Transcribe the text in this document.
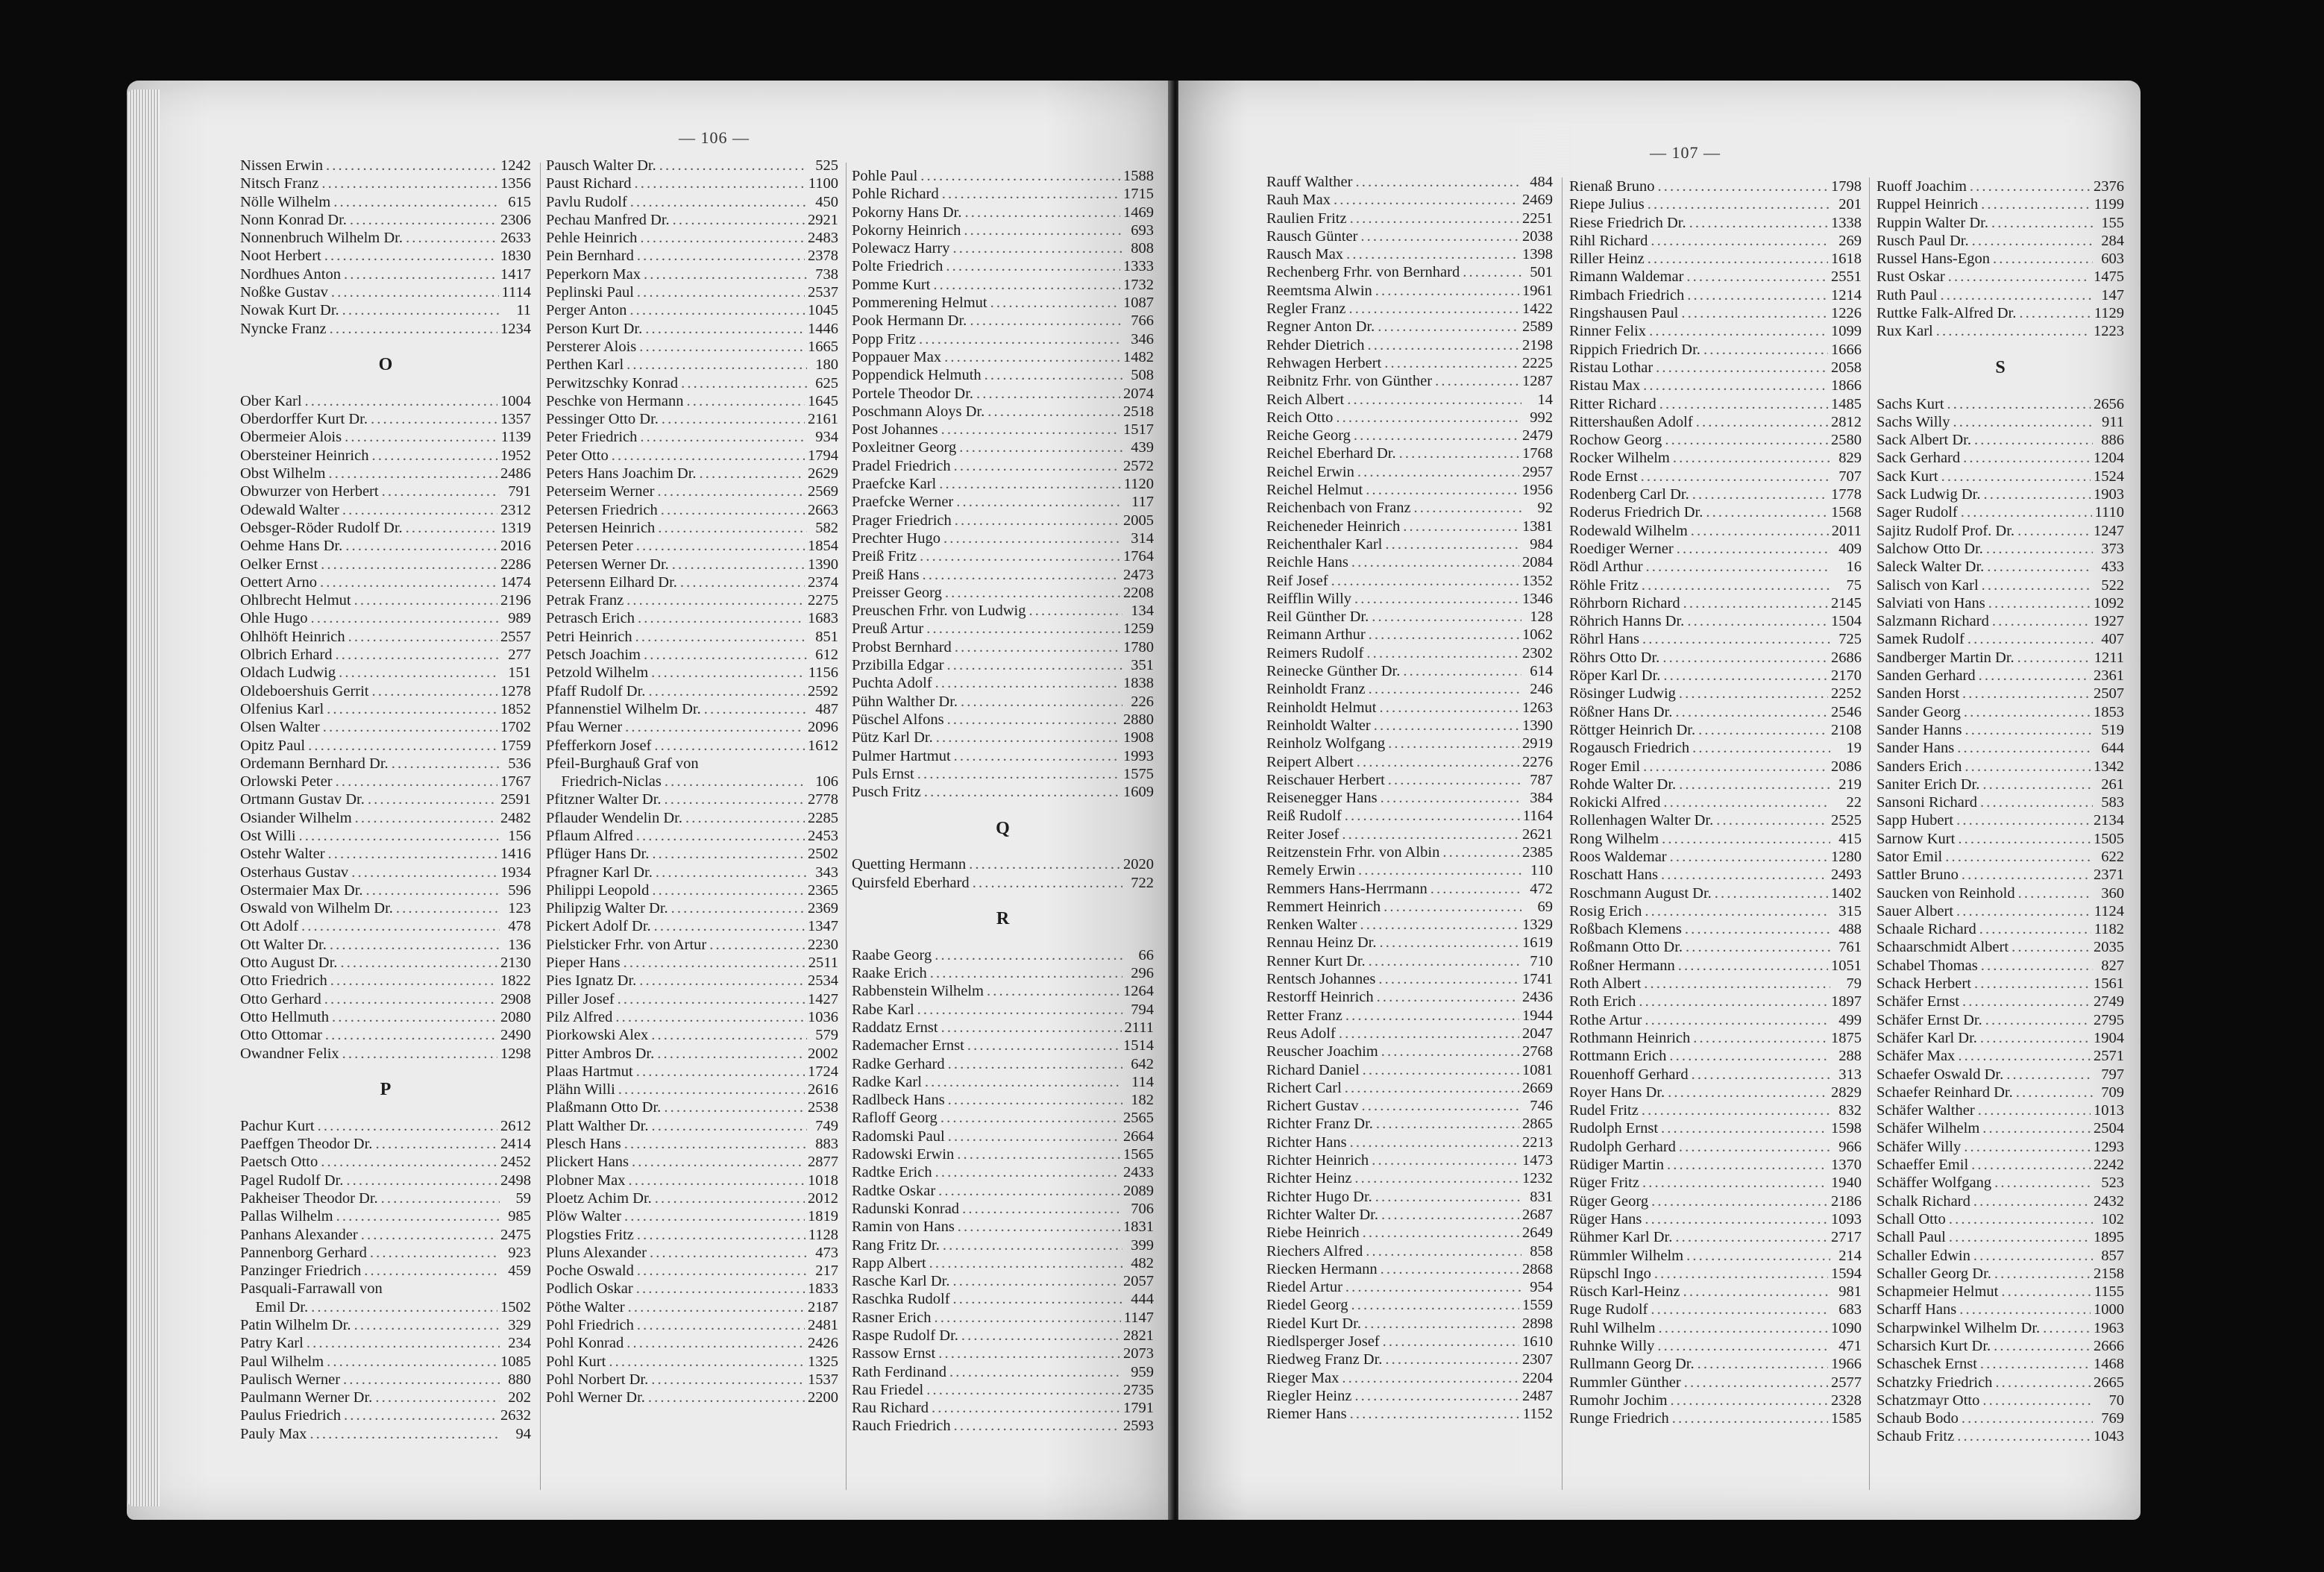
— 106 —
Nissen Erwin . . .	1242
Nitsch Franz . . .	1356
Nölle Wilhelm . . .	615
Nonn Konrad Dr. . . .	2306
Nonnenbruch Wilhelm Dr. . . .	2633
Noot Herbert . . .	1830
Nordhues Anton . . .	1417
Noßke Gustav . . .	1114
Nowak Kurt Dr. . . .	11
Nyncke Franz . . .	1234
O
Ober Karl . . .	1004
Oberdorffer Kurt Dr. . . .	1357
Obermeier Alois . . .	1139
Obersteiner Heinrich . . .	1952
Obst Wilhelm . . .	2486
Obwurzer von Herbert . . .	791
Odewald Walter . . .	2312
Oebsger-Röder Rudolf Dr. . . .	1319
Oehme Hans Dr. . . .	2016
Oelker Ernst . . .	2286
Oettert Arno . . .	1474
Ohlbrecht Helmut . . .	2196
Ohle Hugo . . .	989
Ohlhöft Heinrich . . .	2557
Olbrich Erhard . . .	277
Oldach Ludwig . . .	151
Oldeboershuis Gerrit . . .	1278
Olfenius Karl . . .	1852
Olsen Walter . . .	1702
Opitz Paul . . .	1759
Ordemann Bernhard Dr. . . .	536
Orlowski Peter . . .	1767
Ortmann Gustav Dr. . . .	2591
Osiander Wilhelm . . .	2482
Ost Willi . . .	156
Ostehr Walter . . .	1416
Osterhaus Gustav . . .	1934
Ostermaier Max Dr. . . .	596
Oswald von Wilhelm Dr. . . .	123
Ott Adolf . . .	478
Ott Walter Dr. . . .	136
Otto August Dr. . . .	2130
Otto Friedrich . . .	1822
Otto Gerhard . . .	2908
Otto Hellmuth . . .	2080
Otto Ottomar . . .	2490
Owandner Felix . . .	1298
P
Pachur Kurt . . .	2612
Paeffgen Theodor Dr. . . .	2414
Paetsch Otto . . .	2452
Pagel Rudolf Dr. . . .	2498
Pakheiser Theodor Dr. . . .	59
Pallas Wilhelm . . .	985
Panhans Alexander . . .	2475
Pannenborg Gerhard . . .	923
Panzinger Friedrich . . .	459
Pasquali-Farrawall von
 Emil Dr. . . .	1502
Patin Wilhelm Dr. . . .	329
Patry Karl . . .	234
Paul Wilhelm . . .	1085
Paulisch Werner . . .	880
Paulmann Werner Dr. . . .	202
Paulus Friedrich . . .	2632
Pauly Max . . .	94
Pausch Walter Dr. . . .	525
Paust Richard . . .	1100
Pavlu Rudolf . . .	450
Pechau Manfred Dr. . . .	2921
Pehle Heinrich . . .	2483
Pein Bernhard . . .	2378
Peperkorn Max . . .	738
Peplinski Paul . . .	2537
Perger Anton . . .	1045
Person Kurt Dr. . . .	1446
Persterer Alois . . .	1665
Perthen Karl . . .	180
Perwitzschky Konrad . . .	625
Peschke von Hermann . . .	1645
Pessinger Otto Dr. . . .	2161
Peter Friedrich . . .	934
Peter Otto . . .	1794
Peters Hans Joachim Dr. . . .	2629
Peterseim Werner . . .	2569
Petersen Friedrich . . .	2663
Petersen Heinrich . . .	582
Petersen Peter . . .	1854
Petersen Werner Dr. . . .	1390
Petersenn Eilhard Dr. . . .	2374
Petrak Franz . . .	2275
Petrasch Erich . . .	1683
Petri Heinrich . . .	851
Petsch Joachim . . .	612
Petzold Wilhelm . . .	1156
Pfaff Rudolf Dr. . . .	2592
Pfannenstiel Wilhelm Dr. . . .	487
Pfau Werner . . .	2096
Pfefferkorn Josef . . .	1612
Pfeil-Burghauß Graf von
 Friedrich-Niclas . . .	106
Pfitzner Walter Dr. . . .	2778
Pflauder Wendelin Dr. . . .	2285
Pflaum Alfred . . .	2453
Pflüger Hans Dr. . . .	2502
Pfragner Karl Dr. . . .	343
Philippi Leopold . . .	2365
Philipzig Walter Dr. . . .	2369
Pickert Adolf Dr. . . .	1347
Pielsticker Frhr. von Artur . . .	2230
Pieper Hans . . .	2511
Pies Ignatz Dr. . . .	2534
Piller Josef . . .	1427
Pilz Alfred . . .	1036
Piorkowski Alex . . .	579
Pitter Ambros Dr. . . .	2002
Plaas Hartmut . . .	1724
Plähn Willi . . .	2616
Plaßmann Otto Dr. . . .	2538
Platt Walther Dr. . . .	749
Plesch Hans . . .	883
Plickert Hans . . .	2877
Plobner Max . . .	1018
Ploetz Achim Dr. . . .	2012
Plöw Walter . . .	1819
Plogsties Fritz . . .	1128
Pluns Alexander . . .	473
Poche Oswald . . .	217
Podlich Oskar . . .	1833
Pöthe Walter . . .	2187
Pohl Friedrich . . .	2481
Pohl Konrad . . .	2426
Pohl Kurt . . .	1325
Pohl Norbert Dr. . . .	1537
Pohl Werner Dr. . . .	2200
Pohle Paul . . .	1588
Pohle Richard . . .	1715
Pokorny Hans Dr. . . .	1469
Pokorny Heinrich . . .	693
Polewacz Harry . . .	808
Polte Friedrich . . .	1333
Pomme Kurt . . .	1732
Pommerening Helmut . . .	1087
Pook Hermann Dr. . . .	766
Popp Fritz . . .	346
Poppauer Max . . .	1482
Poppendick Helmuth . . .	508
Portele Theodor Dr. . . .	2074
Poschmann Aloys Dr. . . .	2518
Post Johannes . . .	1517
Poxleitner Georg . . .	439
Pradel Friedrich . . .	2572
Praefcke Karl . . .	1120
Praefcke Werner . . .	117
Prager Friedrich . . .	2005
Prechter Hugo . . .	314
Preiß Fritz . . .	1764
Preiß Hans . . .	2473
Preisser Georg . . .	2208
Preuschen Frhr. von Ludwig . . .	134
Preuß Artur . . .	1259
Probst Bernhard . . .	1780
Przibilla Edgar . . .	351
Puchta Adolf . . .	1838
Pühn Walther Dr. . . .	226
Püschel Alfons . . .	2880
Pütz Karl Dr. . . .	1908
Pulmer Hartmut . . .	1993
Puls Ernst . . .	1575
Pusch Fritz . . .	1609
Q
Quetting Hermann . . .	2020
Quirsfeld Eberhard . . .	722
R
Raabe Georg . . .	66
Raake Erich . . .	296
Rabbenstein Wilhelm . . .	1264
Rabe Karl . . .	794
Raddatz Ernst . . .	2111
Rademacher Ernst . . .	1514
Radke Gerhard . . .	642
Radke Karl . . .	114
Radlbeck Hans . . .	182
Rafloff Georg . . .	2565
Radomski Paul . . .	2664
Radowski Erwin . . .	1565
Radtke Erich . . .	2433
Radtke Oskar . . .	2089
Radunski Konrad . . .	706
Ramin von Hans . . .	1831
Rang Fritz Dr. . . .	399
Rapp Albert . . .	482
Rasche Karl Dr. . . .	2057
Raschka Rudolf . . .	444
Rasner Erich . . .	1147
Raspe Rudolf Dr. . . .	2821
Rassow Ernst . . .	2073
Rath Ferdinand . . .	959
Rau Friedel . . .	2735
Rau Richard . . .	1791
Rauch Friedrich . . .	2593
— 107 —
Rauff Walther . . .	484
Rauh Max . . .	2469
Raulien Fritz . . .	2251
Rausch Günter . . .	2038
Rausch Max . . .	1398
Rechenberg Frhr. von Bernhard . . .	501
Reemtsma Alwin . . .	1961
Regler Franz . . .	1422
Regner Anton Dr. . . .	2589
Rehder Dietrich . . .	2198
Rehwagen Herbert . . .	2225
Reibnitz Frhr. von Günther . . .	1287
Reich Albert . . .	14
Reich Otto . . .	992
Reiche Georg . . .	2479
Reichel Eberhard Dr. . . .	1768
Reichel Erwin . . .	2957
Reichel Helmut . . .	1956
Reichenbach von Franz . . .	92
Reicheneder Heinrich . . .	1381
Reichenthaler Karl . . .	984
Reichle Hans . . .	2084
Reif Josef . . .	1352
Reifflin Willy . . .	1346
Reil Günther Dr. . . .	128
Reimann Arthur . . .	1062
Reimers Rudolf . . .	2302
Reinecke Günther Dr. . . .	614
Reinholdt Franz . . .	246
Reinholdt Helmut . . .	1263
Reinholdt Walter . . .	1390
Reinholz Wolfgang . . .	2919
Reipert Albert . . .	2276
Reischauer Herbert . . .	787
Reisenegger Hans . . .	384
Reiß Rudolf . . .	1164
Reiter Josef . . .	2621
Reitzenstein Frhr. von Albin . . .	2385
Remely Erwin . . .	110
Remmers Hans-Herrmann . . .	472
Remmert Heinrich . . .	69
Renken Walter . . .	1329
Rennau Heinz Dr. . . .	1619
Renner Kurt Dr. . . .	710
Rentsch Johannes . . .	1741
Restorff Heinrich . . .	2436
Retter Franz . . .	1944
Reus Adolf . . .	2047
Reuscher Joachim . . .	2768
Richard Daniel . . .	1081
Richert Carl . . .	2669
Richert Gustav . . .	746
Richter Franz Dr. . . .	2865
Richter Hans . . .	2213
Richter Heinrich . . .	1473
Richter Heinz . . .	1232
Richter Hugo Dr. . . .	831
Richter Walter Dr. . . .	2687
Riebe Heinrich . . .	2649
Riechers Alfred . . .	858
Riecken Hermann . . .	2868
Riedel Artur . . .	954
Riedel Georg . . .	1559
Riedel Kurt Dr. . . .	2898
Riedlsperger Josef . . .	1610
Riedweg Franz Dr. . . .	2307
Rieger Max . . .	2204
Riegler Heinz . . .	2487
Riemer Hans . . .	1152
Rienaß Bruno . . .	1798
Riepe Julius . . .	201
Riese Friedrich Dr. . . .	1338
Rihl Richard . . .	269
Riller Heinz . . .	1618
Rimann Waldemar . . .	2551
Rimbach Friedrich . . .	1214
Ringshausen Paul . . .	1226
Rinner Felix . . .	1099
Rippich Friedrich Dr. . . .	1666
Ristau Lothar . . .	2058
Ristau Max . . .	1866
Ritter Richard . . .	1485
Rittershaußen Adolf . . .	2812
Rochow Georg . . .	2580
Rocker Wilhelm . . .	829
Rode Ernst . . .	707
Rodenberg Carl Dr. . . .	1778
Roderus Friedrich Dr. . . .	1568
Rodewald Wilhelm . . .	2011
Roediger Werner . . .	409
Rödl Arthur . . .	16
Röhle Fritz . . .	75
Röhrborn Richard . . .	2145
Röhrich Hanns Dr. . . .	1504
Röhrl Hans . . .	725
Röhrs Otto Dr. . . .	2686
Röper Karl Dr. . . .	2170
Rösinger Ludwig . . .	2252
Rößner Hans Dr. . . .	2546
Röttger Heinrich Dr. . . .	2108
Rogausch Friedrich . . .	19
Roger Emil . . .	2086
Rohde Walter Dr. . . .	219
Rokicki Alfred . . .	22
Rollenhagen Walter Dr. . . .	2525
Rong Wilhelm . . .	415
Roos Waldemar . . .	1280
Roschatt Hans . . .	2493
Roschmann August Dr. . . .	1402
Rosig Erich . . .	315
Roßbach Klemens . . .	488
Roßmann Otto Dr. . . .	761
Roßner Hermann . . .	1051
Roth Albert . . .	79
Roth Erich . . .	1897
Rothe Artur . . .	499
Rothmann Heinrich . . .	1875
Rottmann Erich . . .	288
Rouenhoff Gerhard . . .	313
Royer Hans Dr. . . .	2829
Rudel Fritz . . .	832
Rudolph Ernst . . .	1598
Rudolph Gerhard . . .	966
Rüdiger Martin . . .	1370
Rüger Fritz . . .	1940
Rüger Georg . . .	2186
Rüger Hans . . .	1093
Rühmer Karl Dr. . . .	2717
Rümmler Wilhelm . . .	214
Rüpschl Ingo . . .	1594
Rüsch Karl-Heinz . . .	981
Ruge Rudolf . . .	683
Ruhl Wilhelm . . .	1090
Ruhnke Willy . . .	471
Rullmann Georg Dr. . . .	1966
Rummler Günther . . .	2577
Rumohr Jochim . . .	2328
Runge Friedrich . . .	1585
Ruoff Joachim . . .	2376
Ruppel Heinrich . . .	1199
Ruppin Walter Dr. . . .	155
Rusch Paul Dr. . . .	284
Russel Hans-Egon . . .	603
Rust Oskar . . .	1475
Ruth Paul . . .	147
Ruttke Falk-Alfred Dr. . . .	1129
Rux Karl . . .	1223
S
Sachs Kurt . . .	2656
Sachs Willy . . .	911
Sack Albert Dr. . . .	886
Sack Gerhard . . .	1204
Sack Kurt . . .	1524
Sack Ludwig Dr. . . .	1903
Sager Rudolf . . .	1110
Sajitz Rudolf Prof. Dr. . . .	1247
Salchow Otto Dr. . . .	373
Saleck Walter Dr. . . .	433
Salisch von Karl . . .	522
Salviati von Hans . . .	1092
Salzmann Richard . . .	1927
Samek Rudolf . . .	407
Sandberger Martin Dr. . . .	1211
Sanden Gerhard . . .	2361
Sanden Horst . . .	2507
Sander Georg . . .	1853
Sander Hanns . . .	519
Sander Hans . . .	644
Sanders Erich . . .	1342
Saniter Erich Dr. . . .	261
Sansoni Richard . . .	583
Sapp Hubert . . .	2134
Sarnow Kurt . . .	1505
Sator Emil . . .	622
Sattler Bruno . . .	2371
Saucken von Reinhold . . .	360
Sauer Albert . . .	1124
Schaale Richard . . .	1182
Schaarschmidt Albert . . .	2035
Schabel Thomas . . .	827
Schack Herbert . . .	1561
Schäfer Ernst . . .	2749
Schäfer Ernst Dr. . . .	2795
Schäfer Karl Dr. . . .	1904
Schäfer Max . . .	2571
Schaefer Oswald Dr. . . .	797
Schaefer Reinhard Dr. . . .	709
Schäfer Walther . . .	1013
Schäfer Wilhelm . . .	2504
Schäfer Willy . . .	1293
Schaeffer Emil . . .	2242
Schäffer Wolfgang . . .	523
Schalk Richard . . .	2432
Schall Otto . . .	102
Schall Paul . . .	1895
Schaller Edwin . . .	857
Schaller Georg Dr. . . .	2158
Schapmeier Helmut . . .	1155
Scharff Hans . . .	1000
Scharpwinkel Wilhelm Dr. . . .	1963
Scharsich Kurt Dr. . . .	2666
Schaschek Ernst . . .	1468
Schatzky Friedrich . . .	2665
Schatzmayr Otto . . .	70
Schaub Bodo . . .	769
Schaub Fritz . . .	1043
